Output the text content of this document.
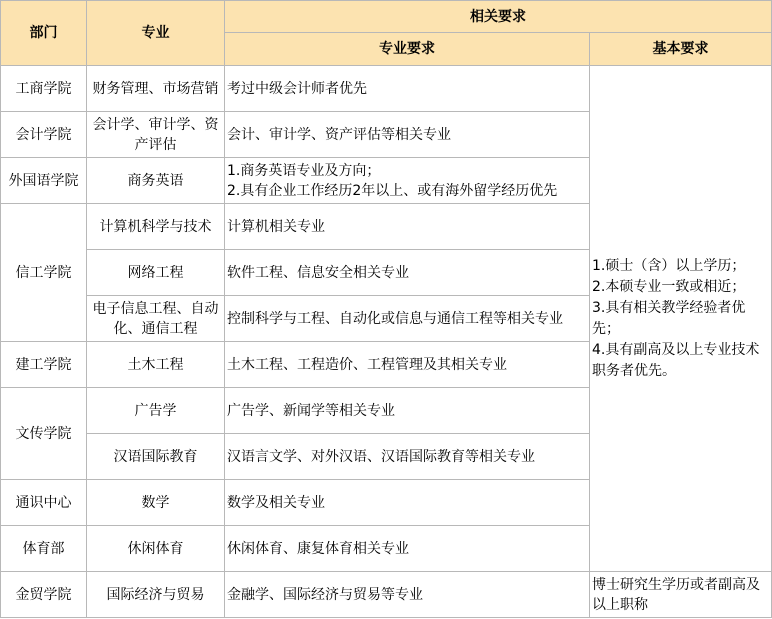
部门	专业	相关要求	
		专业要求	基本要求
工商学院	财务管理、市场营销	考过中级会计师者优先	1.硕士（含）以上学历；
2.本硕专业一致或相近；
3.具有相关教学经验者优先；
4.具有副高及以上专业技术职务者优先。

会计学院	会计学、审计学、资产评估	会计、审计学、资产评估等相关专业	
外国语学院	商务英语	1.商务英语专业及方向；
2.具有企业工作经历2年以上、或有海外留学经历优先	

信工学院	计算机科学与技术	计算机相关专业	
	网络工程	软件工程、信息安全相关专业	
	电子信息工程、自动化、通信工程	控制科学与工程、自动化或信息与通信工程等相关专业	
建工学院	土木工程	土木工程、工程造价、工程管理及其相关专业	
文传学院	广告学	广告学、新闻学等相关专业	
	汉语国际教育	汉语言文学、对外汉语、汉语国际教育等相关专业	
通识中心	数学	数学及相关专业	
体育部	休闲体育	休闲体育、康复体育相关专业	
金贸学院	国际经济与贸易	金融学、国际经济与贸易等专业	博士研究生学历或者副高及以上职称
